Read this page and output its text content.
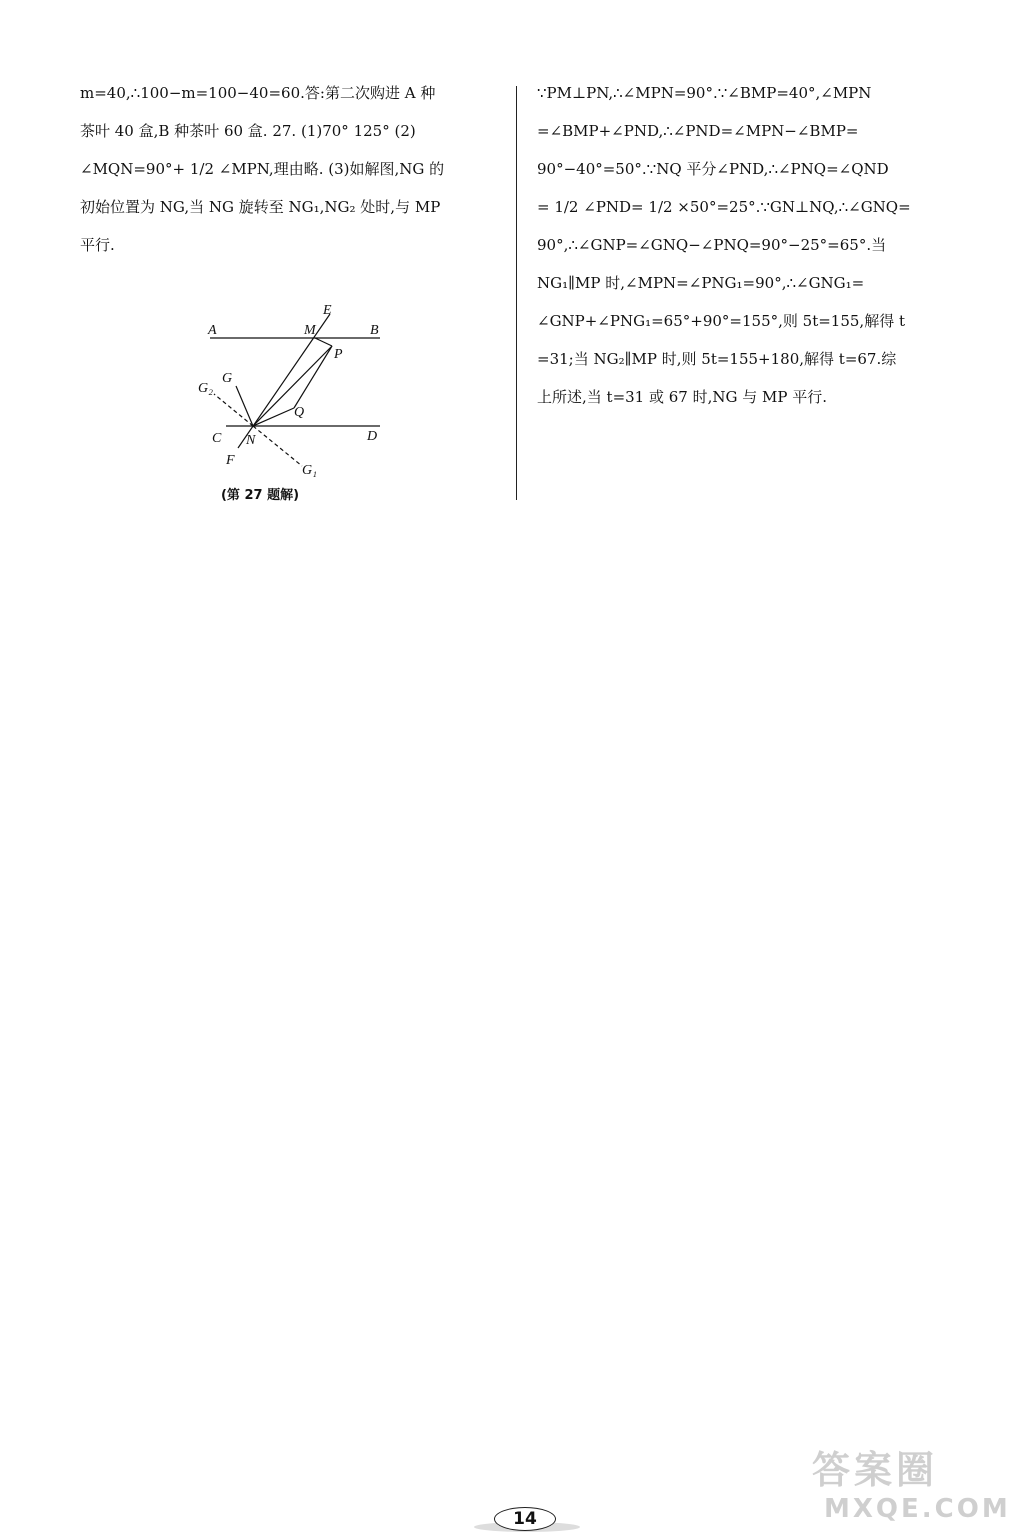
m=40,∴100−m=100−40=60.答:第二次购进 A 种
茶叶 40 盒,B 种茶叶 60 盒. 27. (1)70° 125° (2)
∠MQN=90°+ 1/2 ∠MPN,理由略. (3)如解图,NG 的
初始位置为 NG,当 NG 旋转至 NG₁,NG₂ 处时,与 MP
平行.
∵PM⊥PN,∴∠MPN=90°.∵∠BMP=40°,∠MPN
=∠BMP+∠PND,∴∠PND=∠MPN−∠BMP=
90°−40°=50°.∵NQ 平分∠PND,∴∠PNQ=∠QND
= 1/2 ∠PND= 1/2 ×50°=25°.∵GN⊥NQ,∴∠GNQ=
90°,∴∠GNP=∠GNQ−∠PNQ=90°−25°=65°.当
NG₁∥MP 时,∠MPN=∠PNG₁=90°,∴∠GNG₁=
∠GNP+∠PNG₁=65°+90°=155°,则 5t=155,解得 t
=31;当 NG₂∥MP 时,则 5t=155+180,解得 t=67.综
上所述,当 t=31 或 67 时,NG 与 MP 平行.
A	M	B
E
P
Q
G
G₂
C N	D
F
G₁
(第 27 题解)
14
答案圈
MXQE.COM
